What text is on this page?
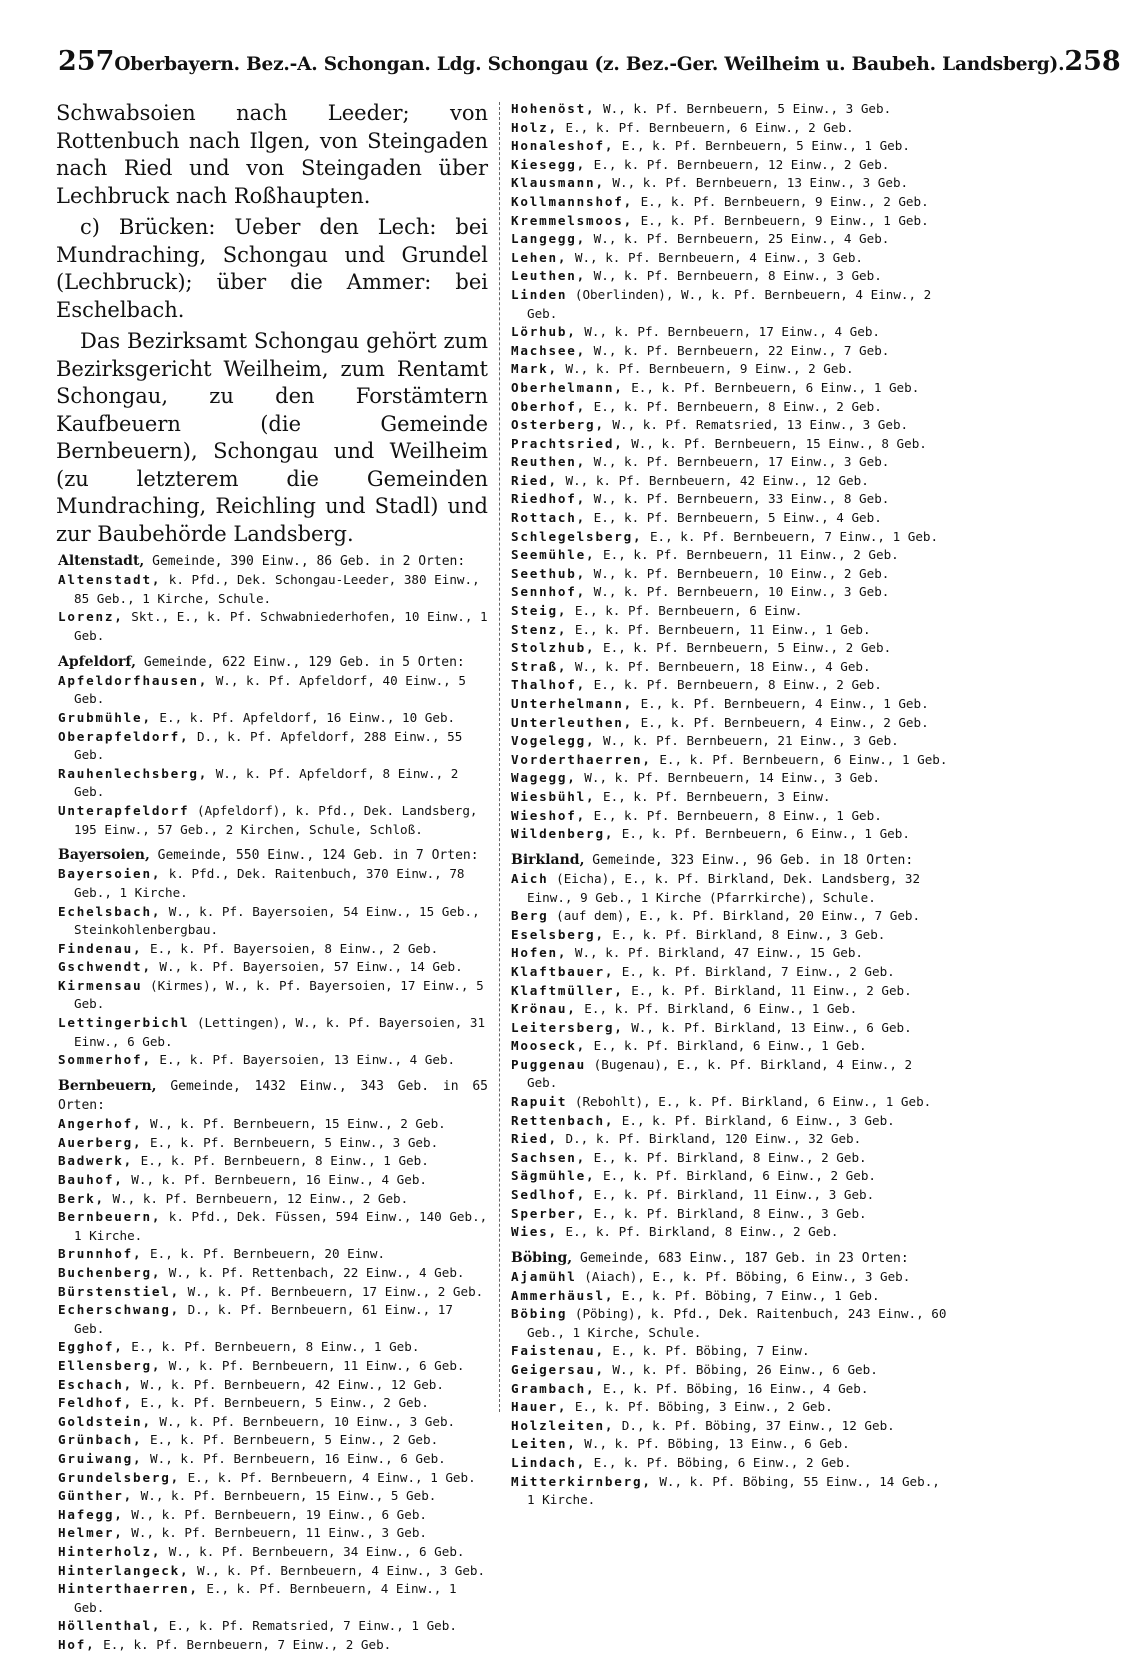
257 Oberbayern. Bez.-A. Schongan. Ldg. Schongau (z. Bez.-Ger. Weilheim u. Baubeh. Landsberg). 258

Schwabsoien nach Leeder; von Rottenbuch nach Ilgen, von Steingaden nach Ried und von Steingaden über Lechbruck nach Roßhaupten.

c) Brücken: Ueber den Lech: bei Mundraching, Schongau und Grundel (Lechbruck); über die Ammer: bei Eschelbach.

Das Bezirksamt Schongau gehört zum Bezirksgericht Weilheim, zum Rentamt Schongau, zu den Forstämtern Kaufbeuern (die Gemeinde Bernbeuern), Schongau und Weilheim (zu letzterem die Gemeinden Mundraching, Reichling und Stadl) und zur Baubehörde Landsberg.

Altenstadt, Gemeinde, 390 Einw., 86 Geb. in 2 Orten:
Altenstadt, k. Pfd., Dek. Schongau-Leeder, 380 Einw., 85 Geb., 1 Kirche, Schule.
Lorenz, Skt., E., k. Pf. Schwabniederhofen, 10 Einw., 1 Geb.
Apfeldorf, Gemeinde, 622 Einw., 129 Geb. in 5 Orten:
Apfeldorfhausen, W., k. Pf. Apfeldorf, 40 Einw., 5 Geb.
Grubmühle, E., k. Pf. Apfeldorf, 16 Einw., 10 Geb.
Oberapfeldorf, D., k. Pf. Apfeldorf, 288 Einw., 55 Geb.
Rauhenlechsberg, W., k. Pf. Apfeldorf, 8 Einw., 2 Geb.
Unterapfeldorf (Apfeldorf), k. Pfd., Dek. Landsberg, 195 Einw., 57 Geb., 2 Kirchen, Schule, Schloß.
Bayersoien, Gemeinde, 550 Einw., 124 Geb. in 7 Orten:
Bayersoien, k. Pfd., Dek. Raitenbuch, 370 Einw., 78 Geb., 1 Kirche.
Echelsbach, W., k. Pf. Bayersoien, 54 Einw., 15 Geb., Steinkohlenbergbau.
Findenau, E., k. Pf. Bayersoien, 8 Einw., 2 Geb.
Gschwendt, W., k. Pf. Bayersoien, 57 Einw., 14 Geb.
Kirmensau (Kirmes), W., k. Pf. Bayersoien, 17 Einw., 5 Geb.
Lettingerbichl (Lettingen), W., k. Pf. Bayersoien, 31 Einw., 6 Geb.
Sommerhof, E., k. Pf. Bayersoien, 13 Einw., 4 Geb.
Bernbeuern, Gemeinde, 1432 Einw., 343 Geb. in 65 Orten:
Angerhof, W., k. Pf. Bernbeuern, 15 Einw., 2 Geb.
Auerberg, E., k. Pf. Bernbeuern, 5 Einw., 3 Geb.
Badwerk, E., k. Pf. Bernbeuern, 8 Einw., 1 Geb.
Bauhof, W., k. Pf. Bernbeuern, 16 Einw., 4 Geb.
Berk, W., k. Pf. Bernbeuern, 12 Einw., 2 Geb.
Bernbeuern, k. Pfd., Dek. Füssen, 594 Einw., 140 Geb., 1 Kirche.
Brunnhof, E., k. Pf. Bernbeuern, 20 Einw.
Buchenberg, W., k. Pf. Rettenbach, 22 Einw., 4 Geb.
Bürstenstiel, W., k. Pf. Bernbeuern, 17 Einw., 2 Geb.
Echerschwang, D., k. Pf. Bernbeuern, 61 Einw., 17 Geb.
Egghof, E., k. Pf. Bernbeuern, 8 Einw., 1 Geb.
Ellensberg, W., k. Pf. Bernbeuern, 11 Einw., 6 Geb.
Eschach, W., k. Pf. Bernbeuern, 42 Einw., 12 Geb.
Feldhof, E., k. Pf. Bernbeuern, 5 Einw., 2 Geb.
Goldstein, W., k. Pf. Bernbeuern, 10 Einw., 3 Geb.
Grünbach, E., k. Pf. Bernbeuern, 5 Einw., 2 Geb.
Gruiwang, W., k. Pf. Bernbeuern, 16 Einw., 6 Geb.
Grundelsberg, E., k. Pf. Bernbeuern, 4 Einw., 1 Geb.
Günther, W., k. Pf. Bernbeuern, 15 Einw., 5 Geb.
Hafegg, W., k. Pf. Bernbeuern, 19 Einw., 6 Geb.
Helmer, W., k. Pf. Bernbeuern, 11 Einw., 3 Geb.
Hinterholz, W., k. Pf. Bernbeuern, 34 Einw., 6 Geb.
Hinterlangeck, W., k. Pf. Bernbeuern, 4 Einw., 3 Geb.
Hinterthaerren, E., k. Pf. Bernbeuern, 4 Einw., 1 Geb.
Höllenthal, E., k. Pf. Rematsried, 7 Einw., 1 Geb.
Hof, E., k. Pf. Bernbeuern, 7 Einw., 2 Geb.
Hohenöst, W., k. Pf. Bernbeuern, 5 Einw., 3 Geb.
Holz, E., k. Pf. Bernbeuern, 6 Einw., 2 Geb.
Honaleshof, E., k. Pf. Bernbeuern, 5 Einw., 1 Geb.
Kiesegg, E., k. Pf. Bernbeuern, 12 Einw., 2 Geb.
Klausmann, W., k. Pf. Bernbeuern, 13 Einw., 3 Geb.
Kollmannshof, E., k. Pf. Bernbeuern, 9 Einw., 2 Geb.
Kremmelsmoos, E., k. Pf. Bernbeuern, 9 Einw., 1 Geb.
Langegg, W., k. Pf. Bernbeuern, 25 Einw., 4 Geb.
Lehen, W., k. Pf. Bernbeuern, 4 Einw., 3 Geb.
Leuthen, W., k. Pf. Bernbeuern, 8 Einw., 3 Geb.
Linden (Oberlinden), W., k. Pf. Bernbeuern, 4 Einw., 2 Geb.
Lörhub, W., k. Pf. Bernbeuern, 17 Einw., 4 Geb.
Machsee, W., k. Pf. Bernbeuern, 22 Einw., 7 Geb.
Mark, W., k. Pf. Bernbeuern, 9 Einw., 2 Geb.
Oberhelmann, E., k. Pf. Bernbeuern, 6 Einw., 1 Geb.
Oberhof, E., k. Pf. Bernbeuern, 8 Einw., 2 Geb.
Osterberg, W., k. Pf. Rematsried, 13 Einw., 3 Geb.
Prachtsried, W., k. Pf. Bernbeuern, 15 Einw., 8 Geb.
Reuthen, W., k. Pf. Bernbeuern, 17 Einw., 3 Geb.
Ried, W., k. Pf. Bernbeuern, 42 Einw., 12 Geb.
Riedhof, W., k. Pf. Bernbeuern, 33 Einw., 8 Geb.
Rottach, E., k. Pf. Bernbeuern, 5 Einw., 4 Geb.
Schlegelsberg, E., k. Pf. Bernbeuern, 7 Einw., 1 Geb.
Seemühle, E., k. Pf. Bernbeuern, 11 Einw., 2 Geb.
Seethub, W., k. Pf. Bernbeuern, 10 Einw., 2 Geb.
Sennhof, W., k. Pf. Bernbeuern, 10 Einw., 3 Geb.
Steig, E., k. Pf. Bernbeuern, 6 Einw.
Stenz, E., k. Pf. Bernbeuern, 11 Einw., 1 Geb.
Stolzhub, E., k. Pf. Bernbeuern, 5 Einw., 2 Geb.
Straß, W., k. Pf. Bernbeuern, 18 Einw., 4 Geb.
Thalhof, E., k. Pf. Bernbeuern, 8 Einw., 2 Geb.
Unterhelmann, E., k. Pf. Bernbeuern, 4 Einw., 1 Geb.
Unterleuthen, E., k. Pf. Bernbeuern, 4 Einw., 2 Geb.
Vogelegg, W., k. Pf. Bernbeuern, 21 Einw., 3 Geb.
Vorderthaerren, E., k. Pf. Bernbeuern, 6 Einw., 1 Geb.
Wagegg, W., k. Pf. Bernbeuern, 14 Einw., 3 Geb.
Wiesbühl, E., k. Pf. Bernbeuern, 3 Einw.
Wieshof, E., k. Pf. Bernbeuern, 8 Einw., 1 Geb.
Wildenberg, E., k. Pf. Bernbeuern, 6 Einw., 1 Geb.
Birkland, Gemeinde, 323 Einw., 96 Geb. in 18 Orten:
Aich (Eicha), E., k. Pf. Birkland, Dek. Landsberg, 32 Einw., 9 Geb., 1 Kirche (Pfarrkirche), Schule.
Berg (auf dem), E., k. Pf. Birkland, 20 Einw., 7 Geb.
Eselsberg, E., k. Pf. Birkland, 8 Einw., 3 Geb.
Hofen, W., k. Pf. Birkland, 47 Einw., 15 Geb.
Klaftbauer, E., k. Pf. Birkland, 7 Einw., 2 Geb.
Klaftmüller, E., k. Pf. Birkland, 11 Einw., 2 Geb.
Krönau, E., k. Pf. Birkland, 6 Einw., 1 Geb.
Leitersberg, W., k. Pf. Birkland, 13 Einw., 6 Geb.
Mooseck, E., k. Pf. Birkland, 6 Einw., 1 Geb.
Puggenau (Bugenau), E., k. Pf. Birkland, 4 Einw., 2 Geb.
Rapuit (Rebohlt), E., k. Pf. Birkland, 6 Einw., 1 Geb.
Rettenbach, E., k. Pf. Birkland, 6 Einw., 3 Geb.
Ried, D., k. Pf. Birkland, 120 Einw., 32 Geb.
Sachsen, E., k. Pf. Birkland, 8 Einw., 2 Geb.
Sägmühle, E., k. Pf. Birkland, 6 Einw., 2 Geb.
Sedlhof, E., k. Pf. Birkland, 11 Einw., 3 Geb.
Sperber, E., k. Pf. Birkland, 8 Einw., 3 Geb.
Wies, E., k. Pf. Birkland, 8 Einw., 2 Geb.
Böbing, Gemeinde, 683 Einw., 187 Geb. in 23 Orten:
Ajamühl (Aiach), E., k. Pf. Böbing, 6 Einw., 3 Geb.
Ammerhäusl, E., k. Pf. Böbing, 7 Einw., 1 Geb.
Böbing (Pöbing), k. Pfd., Dek. Raitenbuch, 243 Einw., 60 Geb., 1 Kirche, Schule.
Faistenau, E., k. Pf. Böbing, 7 Einw.
Geigersau, W., k. Pf. Böbing, 26 Einw., 6 Geb.
Grambach, E., k. Pf. Böbing, 16 Einw., 4 Geb.
Hauer, E., k. Pf. Böbing, 3 Einw., 2 Geb.
Holzleiten, D., k. Pf. Böbing, 37 Einw., 12 Geb.
Leiten, W., k. Pf. Böbing, 13 Einw., 6 Geb.
Lindach, E., k. Pf. Böbing, 6 Einw., 2 Geb.
Mitterkirnberg, W., k. Pf. Böbing, 55 Einw., 14 Geb., 1 Kirche.
